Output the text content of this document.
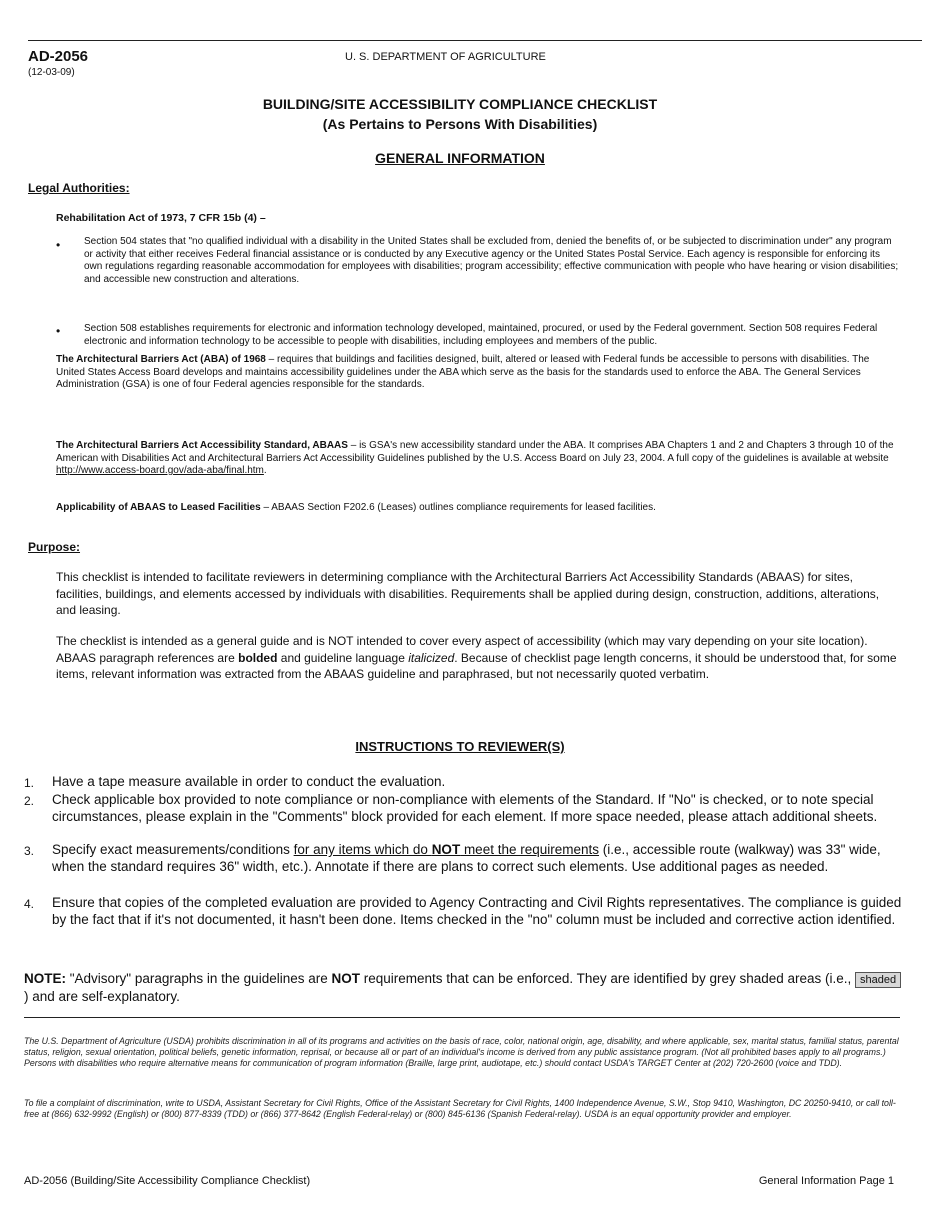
AD-2056
(12-03-09)
U. S. DEPARTMENT OF AGRICULTURE
BUILDING/SITE ACCESSIBILITY COMPLIANCE CHECKLIST
(As Pertains to Persons With Disabilities)
GENERAL INFORMATION
Legal Authorities:
Rehabilitation Act of 1973, 7 CFR 15b (4) –
• Section 504 states that "no qualified individual with a disability in the United States shall be excluded from, denied the benefits of, or be subjected to discrimination under" any program or activity that either receives Federal financial assistance or is conducted by any Executive agency or the United States Postal Service. Each agency is responsible for enforcing its own regulations regarding reasonable accommodation for employees with disabilities; program accessibility; effective communication with people who have hearing or vision disabilities; and accessible new construction and alterations.
• Section 508 establishes requirements for electronic and information technology developed, maintained, procured, or used by the Federal government. Section 508 requires Federal electronic and information technology to be accessible to people with disabilities, including employees and members of the public.
The Architectural Barriers Act (ABA) of 1968 – requires that buildings and facilities designed, built, altered or leased with Federal funds be accessible to persons with disabilities. The United States Access Board develops and maintains accessibility guidelines under the ABA which serve as the basis for the standards used to enforce the ABA. The General Services Administration (GSA) is one of four Federal agencies responsible for the standards.
The Architectural Barriers Act Accessibility Standard, ABAAS – is GSA's new accessibility standard under the ABA. It comprises ABA Chapters 1 and 2 and Chapters 3 through 10 of the American with Disabilities Act and Architectural Barriers Act Accessibility Guidelines published by the U.S. Access Board on July 23, 2004. A full copy of the guidelines is available at website http://www.access-board.gov/ada-aba/final.htm.
Applicability of ABAAS to Leased Facilities – ABAAS Section F202.6 (Leases) outlines compliance requirements for leased facilities.
Purpose:
This checklist is intended to facilitate reviewers in determining compliance with the Architectural Barriers Act Accessibility Standards (ABAAS) for sites, facilities, buildings, and elements accessed by individuals with disabilities. Requirements shall be applied during design, construction, additions, alterations, and leasing.
The checklist is intended as a general guide and is NOT intended to cover every aspect of accessibility (which may vary depending on your site location). ABAAS paragraph references are bolded and guideline language italicized. Because of checklist page length concerns, it should be understood that, for some items, relevant information was extracted from the ABAAS guideline and paraphrased, but not necessarily quoted verbatim.
INSTRUCTIONS TO REVIEWER(S)
1. Have a tape measure available in order to conduct the evaluation.
2. Check applicable box provided to note compliance or non-compliance with elements of the Standard. If "No" is checked, or to note special circumstances, please explain in the "Comments" block provided for each element. If more space needed, please attach additional sheets.
3. Specify exact measurements/conditions for any items which do NOT meet the requirements (i.e., accessible route (walkway) was 33" wide, when the standard requires 36" width, etc.). Annotate if there are plans to correct such elements. Use additional pages as needed.
4. Ensure that copies of the completed evaluation are provided to Agency Contracting and Civil Rights representatives. The compliance is guided by the fact that if it's not documented, it hasn't been done. Items checked in the "no" column must be included and corrective action identified.
NOTE: "Advisory" paragraphs in the guidelines are NOT requirements that can be enforced. They are identified by grey shaded areas (i.e., shaded) and are self-explanatory.
The U.S. Department of Agriculture (USDA) prohibits discrimination in all of its programs and activities on the basis of race, color, national origin, age, disability, and where applicable, sex, marital status, familial status, parental status, religion, sexual orientation, political beliefs, genetic information, reprisal, or because all or part of an individual's income is derived from any public assistance program. (Not all prohibited bases apply to all programs.) Persons with disabilities who require alternative means for communication of program information (Braille, large print, audiotape, etc.) should contact USDA's TARGET Center at (202) 720-2600 (voice and TDD).
To file a complaint of discrimination, write to USDA, Assistant Secretary for Civil Rights, Office of the Assistant Secretary for Civil Rights, 1400 Independence Avenue, S.W., Stop 9410, Washington, DC 20250-9410, or call toll-free at (866) 632-9992 (English) or (800) 877-8339 (TDD) or (866) 377-8642 (English Federal-relay) or (800) 845-6136 (Spanish Federal-relay). USDA is an equal opportunity provider and employer.
AD-2056 (Building/Site Accessibility Compliance Checklist)	General Information Page 1
